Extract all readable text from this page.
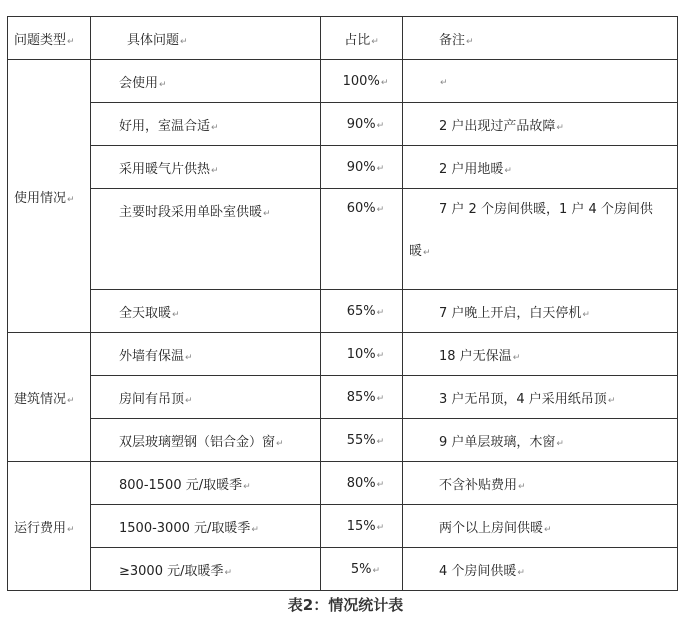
问题类型↵	具体问题↵	占比↵	备注↵
使用情况↵	会使用↵	100%↵	↵
	好用，室温合适↵	90%↵	2 户出现过产品故障↵
	采用暖气片供热↵	90%↵	2 户用地暖↵
	主要时段采用单卧室供暖↵	60%↵	7 户 2 个房间供暖，1 户 4 个房间供
暖↵

	全天取暖↵	65%↵	7 户晚上开启，白天停机↵
建筑情况↵	外墙有保温↵	10%↵	18 户无保温↵
	房间有吊顶↵	85%↵	3 户无吊顶，4 户采用纸吊顶↵
	双层玻璃塑钢（铝合金）窗↵	55%↵	9 户单层玻璃，木窗↵
运行费用↵	800-1500 元/取暖季↵	80%↵	不含补贴费用↵
	1500-3000 元/取暖季↵	15%↵	两个以上房间供暖↵
	≥3000 元/取暖季↵	5%↵	4 个房间供暖↵
表2：情况统计表
